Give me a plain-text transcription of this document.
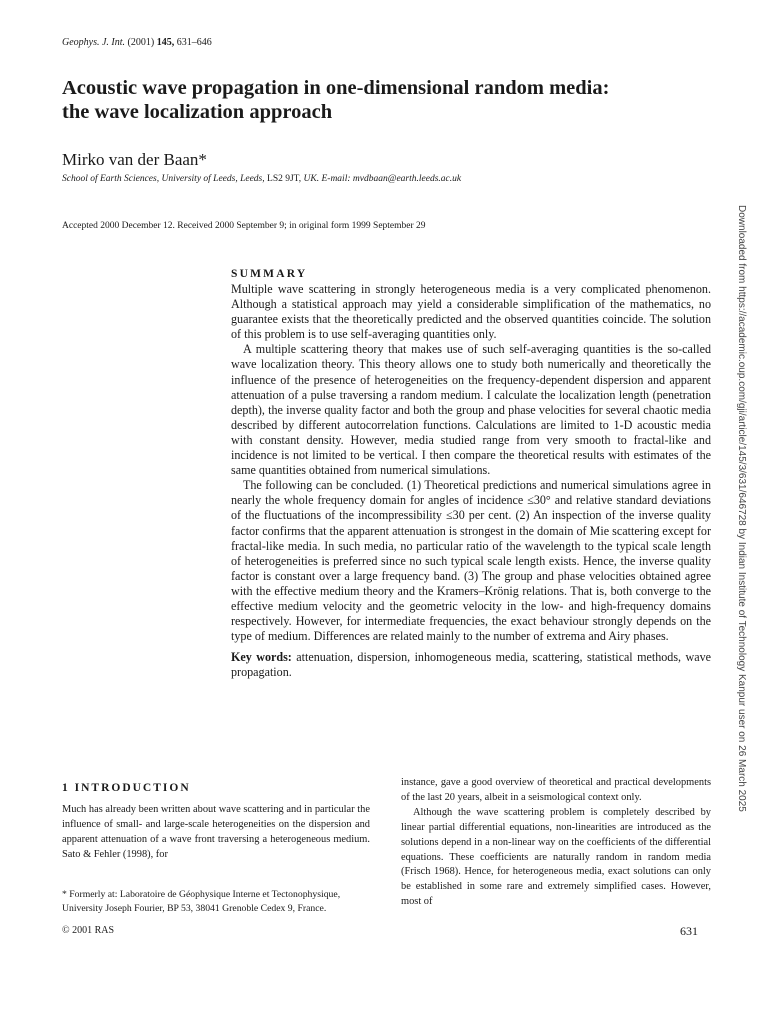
Geophys. J. Int. (2001) 145, 631–646
Acoustic wave propagation in one-dimensional random media:
the wave localization approach
Mirko van der Baan*
School of Earth Sciences, University of Leeds, Leeds, LS2 9JT, UK. E-mail: mvdbaan@earth.leeds.ac.uk
Accepted 2000 December 12. Received 2000 September 9; in original form 1999 September 29
SUMMARY

Multiple wave scattering in strongly heterogeneous media is a very complicated phenomenon. Although a statistical approach may yield a considerable simplification of the mathematics, no guarantee exists that the theoretically predicted and the observed quantities coincide. The solution of this problem is to use self-averaging quantities only.

A multiple scattering theory that makes use of such self-averaging quantities is the so-called wave localization theory. This theory allows one to study both numerically and theoretically the influence of the presence of heterogeneities on the frequency-dependent dispersion and apparent attenuation of a pulse traversing a random medium. I calculate the localization length (penetration depth), the inverse quality factor and both the group and phase velocities for several chaotic media described by different autocorrelation functions. Calculations are limited to 1-D acoustic media with constant density. However, media studied range from very smooth to fractal-like and incidence is not limited to be vertical. I then compare the theoretical results with estimates of the same quantities obtained from numerical simulations.

The following can be concluded. (1) Theoretical predictions and numerical simulations agree in nearly the whole frequency domain for angles of incidence ≤30° and relative standard deviations of the fluctuations of the incompressibility ≤30 per cent. (2) An inspection of the inverse quality factor confirms that the apparent attenuation is strongest in the domain of Mie scattering except for fractal-like media. In such media, no particular ratio of the wavelength to the typical scale length of heterogeneities is preferred since no such typical scale length exists. Hence, the inverse quality factor is constant over a large frequency band. (3) The group and phase velocities obtained agree with the effective medium theory and the Kramers–Krönig relations. That is, both converge to the effective medium velocity and the geometric velocity in the low- and high-frequency domains respectively. However, for intermediate frequencies, the exact behaviour strongly depends on the type of medium. Differences are related mainly to the number of extrema and Airy phases.

Key words: attenuation, dispersion, inhomogeneous media, scattering, statistical methods, wave propagation.

1 INTRODUCTION
Much has already been written about wave scattering and in particular the influence of small- and large-scale heterogeneities on the dispersion and apparent attenuation of a wave front traversing a heterogeneous medium. Sato & Fehler (1998), for
* Formerly at: Laboratoire de Géophysique Interne et Tectonophysique, University Joseph Fourier, BP 53, 38041 Grenoble Cedex 9, France.

instance, gave a good overview of theoretical and practical developments of the last 20 years, albeit in a seismological context only.

Although the wave scattering problem is completely described by linear partial differential equations, non-linearities are introduced as the solutions depend in a non-linear way on the coefficients of the differential equations. These coefficients are naturally random in random media (Frisch 1968). Hence, for heterogeneous media, exact solutions can only be established in some rare and extremely simplified cases. However, most of

© 2001 RAS	631
Downloaded from https://academic.oup.com/gji/article/145/3/631/646728 by Indian Institute of Technology Kanpur user on 26 March 2025
